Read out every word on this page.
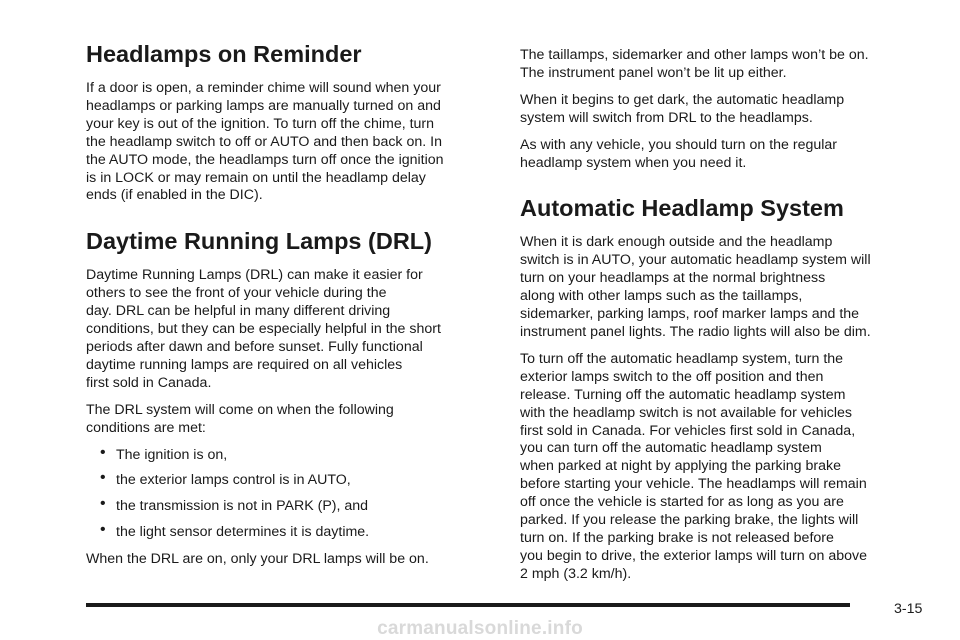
Headlamps on Reminder

If a door is open, a reminder chime will sound when your
headlamps or parking lamps are manually turned on and
your key is out of the ignition. To turn off the chime, turn
the headlamp switch to off or AUTO and then back on. In
the AUTO mode, the headlamps turn off once the ignition
is in LOCK or may remain on until the headlamp delay
ends (if enabled in the DIC).

Daytime Running Lamps (DRL)

Daytime Running Lamps (DRL) can make it easier for
others to see the front of your vehicle during the
day. DRL can be helpful in many different driving
conditions, but they can be especially helpful in the short
periods after dawn and before sunset. Fully functional
daytime running lamps are required on all vehicles
first sold in Canada.

The DRL system will come on when the following
conditions are met:

• The ignition is on,
• the exterior lamps control is in AUTO,
• the transmission is not in PARK (P), and
• the light sensor determines it is daytime.

When the DRL are on, only your DRL lamps will be on.

The taillamps, sidemarker and other lamps won’t be on.
The instrument panel won’t be lit up either.

When it begins to get dark, the automatic headlamp
system will switch from DRL to the headlamps.

As with any vehicle, you should turn on the regular
headlamp system when you need it.

Automatic Headlamp System

When it is dark enough outside and the headlamp
switch is in AUTO, your automatic headlamp system will
turn on your headlamps at the normal brightness
along with other lamps such as the taillamps,
sidemarker, parking lamps, roof marker lamps and the
instrument panel lights. The radio lights will also be dim.

To turn off the automatic headlamp system, turn the
exterior lamps switch to the off position and then
release. Turning off the automatic headlamp system
with the headlamp switch is not available for vehicles
first sold in Canada. For vehicles first sold in Canada,
you can turn off the automatic headlamp system
when parked at night by applying the parking brake
before starting your vehicle. The headlamps will remain
off once the vehicle is started for as long as you are
parked. If you release the parking brake, the lights will
turn on. If the parking brake is not released before
you begin to drive, the exterior lamps will turn on above
2 mph (3.2 km/h).

3-15
carmanualsonline.info
